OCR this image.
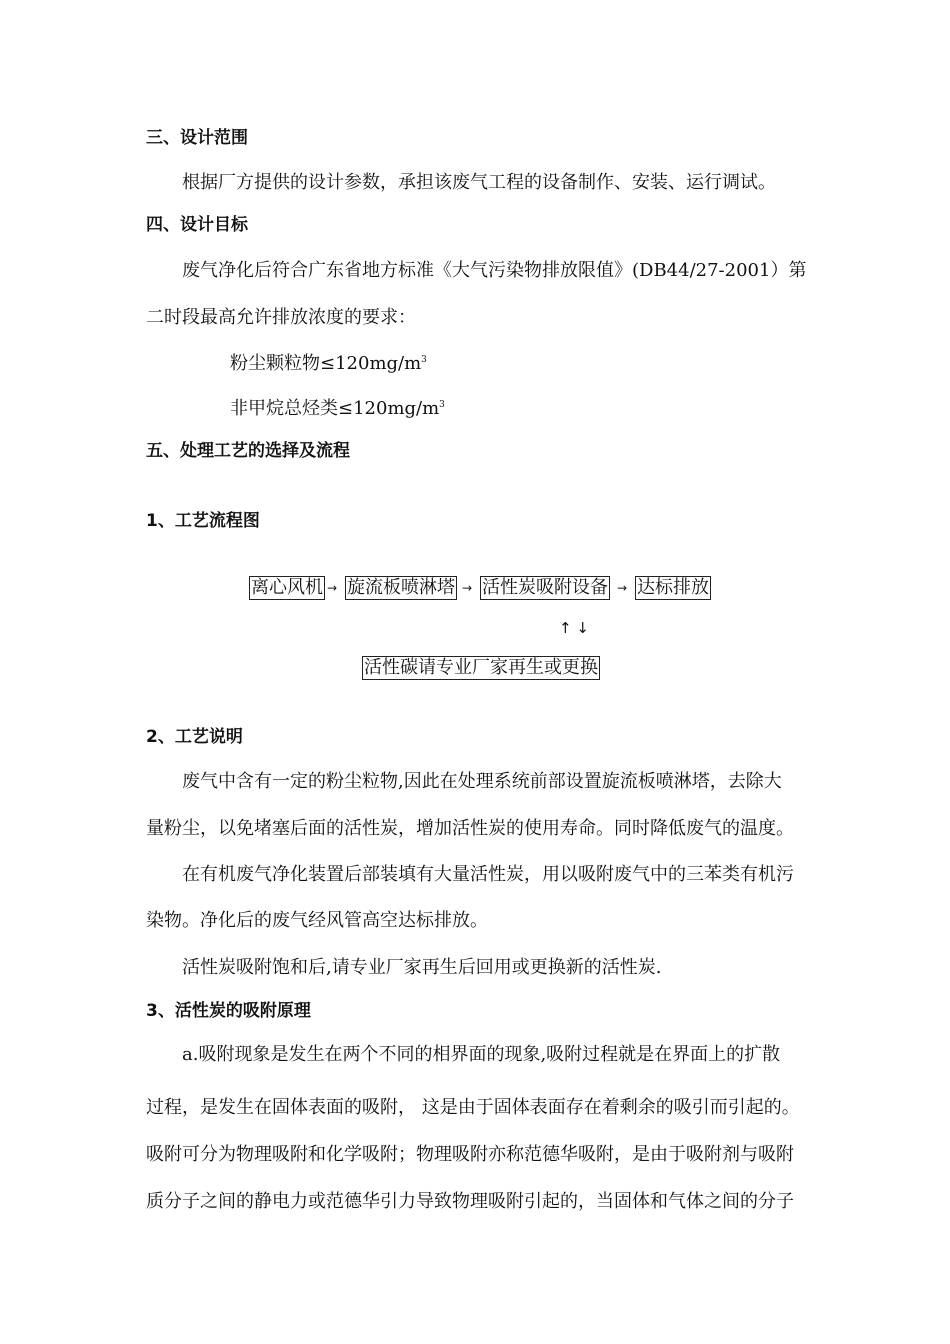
三、设计范围
根据厂方提供的设计参数，承担该废气工程的设备制作、安装、运行调试。
四、设计目标
废气净化后符合广东省地方标准《大气污染物排放限值》(DB44/27-2001）第
二时段最高允许排放浓度的要求：
粉尘颗粒物$\le 120mg/m^3$
非甲烷总烃类$\le 120mg/m^3$
五、处理工艺的选择及流程
1、工艺流程图
离心风机 → 旋流板喷淋塔 → 活性炭吸附设备 → 达标排放
↑ ↓
活性碳请专业厂家再生或更换
2、工艺说明
废气中含有一定的粉尘粒物,因此在处理系统前部设置旋流板喷淋塔，去除大
量粉尘，以免堵塞后面的活性炭，增加活性炭的使用寿命。同时降低废气的温度。
在有机废气净化装置后部装填有大量活性炭，用以吸附废气中的三苯类有机污
染物。净化后的废气经风管高空达标排放。
活性炭吸附饱和后,请专业厂家再生后回用或更换新的活性炭.
3、活性炭的吸附原理
a.吸附现象是发生在两个不同的相界面的现象,吸附过程就是在界面上的扩散
过程，是发生在固体表面的吸附， 这是由于固体表面存在着剩余的吸引而引起的。
吸附可分为物理吸附和化学吸附；物理吸附亦称范德华吸附，是由于吸附剂与吸附
质分子之间的静电力或范德华引力导致物理吸附引起的，当固体和气体之间的分子
